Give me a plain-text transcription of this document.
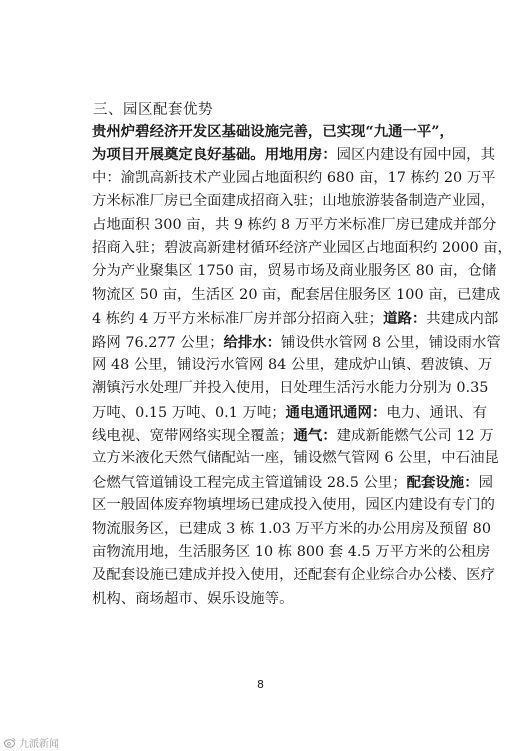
三、园区配套优势
贵州炉碧经济开发区基础设施完善，已实现“九通一平”，
为项目开展奠定良好基础。用地用房：园区内建设有园中园，其
中：渝凯高新技术产业园占地面积约 680 亩，17 栋约 20 万平
方米标准厂房已全面建成招商入驻；山地旅游装备制造产业园，
占地面积 300 亩，共 9 栋约 8 万平方米标准厂房已建成并部分
招商入驻；碧波高新建材循环经济产业园区占地面积约 2000 亩，
分为产业聚集区 1750 亩，贸易市场及商业服务区 80 亩，仓储
物流区 50 亩，生活区 20 亩，配套居住服务区 100 亩，已建成
4 栋约 4 万平方米标准厂房并部分招商入驻；道路：共建成内部
路网 76.277 公里；给排水：铺设供水管网 8 公里，铺设雨水管
网 48 公里，铺设污水管网 84 公里，建成炉山镇、碧波镇、万
潮镇污水处理厂并投入使用，日处理生活污水能力分别为 0.35
万吨、0.15 万吨、0.1 万吨；通电通讯通网：电力、通讯、有
线电视、宽带网络实现全覆盖；通气：建成新能燃气公司 12 万
立方米液化天然气储配站一座，铺设燃气管网 6 公里，中石油昆
仑燃气管道铺设工程完成主管道铺设 28.5 公里；配套设施：园
区一般固体废弃物填埋场已建成投入使用，园区内建设有专门的
物流服务区，已建成 3 栋 1.03 万平方米的办公用房及预留 80
亩物流用地，生活服务区 10 栋 800 套 4.5 万平方米的公租房
及配套设施已建成并投入使用，还配套有企业综合办公楼、医疗
机构、商场超市、娱乐设施等。
8
九派新闻
